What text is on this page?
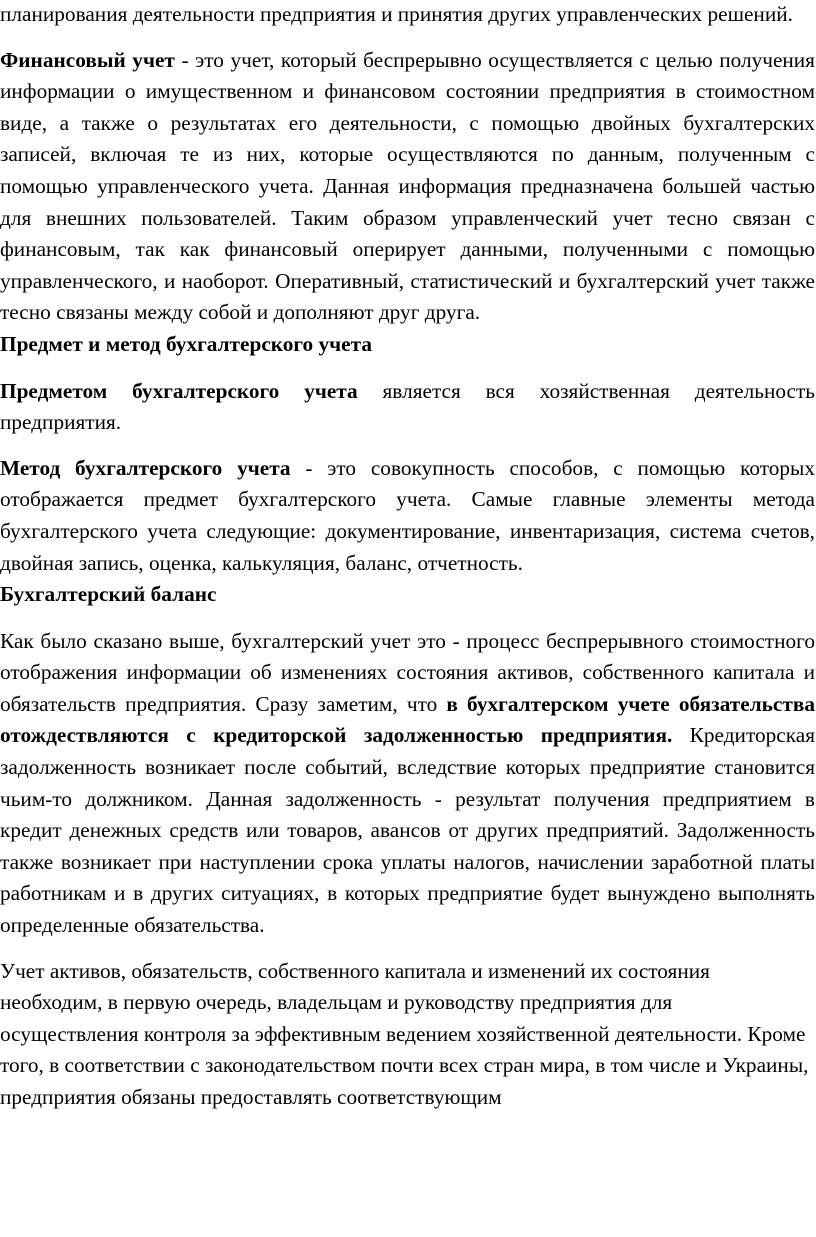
планирования деятельности предприятия и принятия других управленческих решений.

Финансовый учет - это учет, который беспрерывно осуществляется с целью получения информации о имущественном и финансовом состоянии предприятия в стоимостном виде, а также о результатах его деятельности, с помощью двойных бухгалтерских записей, включая те из них, которые осуществляются по данным, полученным с помощью управленческого учета. Данная информация предназначена большей частью для внешних пользователей. Таким образом управленческий учет тесно связан с финансовым, так как финансовый оперирует данными, полученными с помощью управленческого, и наоборот. Оперативный, статистический и бухгалтерский учет также тесно связаны между собой и дополняют друг друга.

Предмет и метод бухгалтерского учета

Предметом бухгалтерского учета является вся хозяйственная деятельность предприятия.

Метод бухгалтерского учета - это совокупность способов, с помощью которых отображается предмет бухгалтерского учета. Самые главные элементы метода бухгалтерского учета следующие: документирование, инвентаризация, система счетов, двойная запись, оценка, калькуляция, баланс, отчетность.

Бухгалтерский баланс

Как было сказано выше, бухгалтерский учет это - процесс беспрерывного стоимостного отображения информации об изменениях состояния активов, собственного капитала и обязательств предприятия. Сразу заметим, что в бухгалтерском учете обязательства отождествляются с кредиторской задолженностью предприятия. Кредиторская задолженность возникает после событий, вследствие которых предприятие становится чьим-то должником. Данная задолженность - результат получения предприятием в кредит денежных средств или товаров, авансов от других предприятий. Задолженность также возникает при наступлении срока уплаты налогов, начислении заработной платы работникам и в других ситуациях, в которых предприятие будет вынуждено выполнять определенные обязательства.

Учет активов, обязательств, собственного капитала и изменений их состояния необходим, в первую очередь, владельцам и руководству предприятия для осуществления контроля за эффективным ведением хозяйственной деятельности. Кроме того, в соответствии с законодательством почти всех стран мира, в том числе и Украины, предприятия обязаны предоставлять соответствующим
